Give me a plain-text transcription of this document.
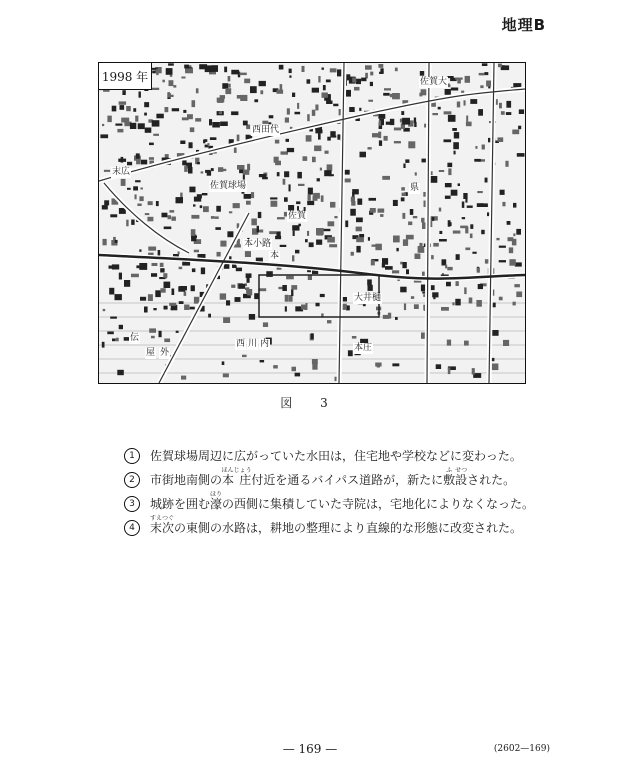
地理B
1998 年
末広
佐賀球場
本小路
佐賀
本
大井樋
西田代
屋 外
西 川 内
伝
本庄
県
佐賀大
図 3
1	佐賀球場周辺に広がっていた水田は，住宅地や学校などに変わった。
2	市街地南側の本 庄ほんじょう付近を通るバイパス道路が，新たに敷ふ設せつされた。
3	城跡を囲む濠ほりの西側に集積していた寺院は，宅地化によりなくなった。
4	末次すえつぐの東側の水路は，耕地の整理により直線的な形態に改変された。
— 169 —	(2602—169)
